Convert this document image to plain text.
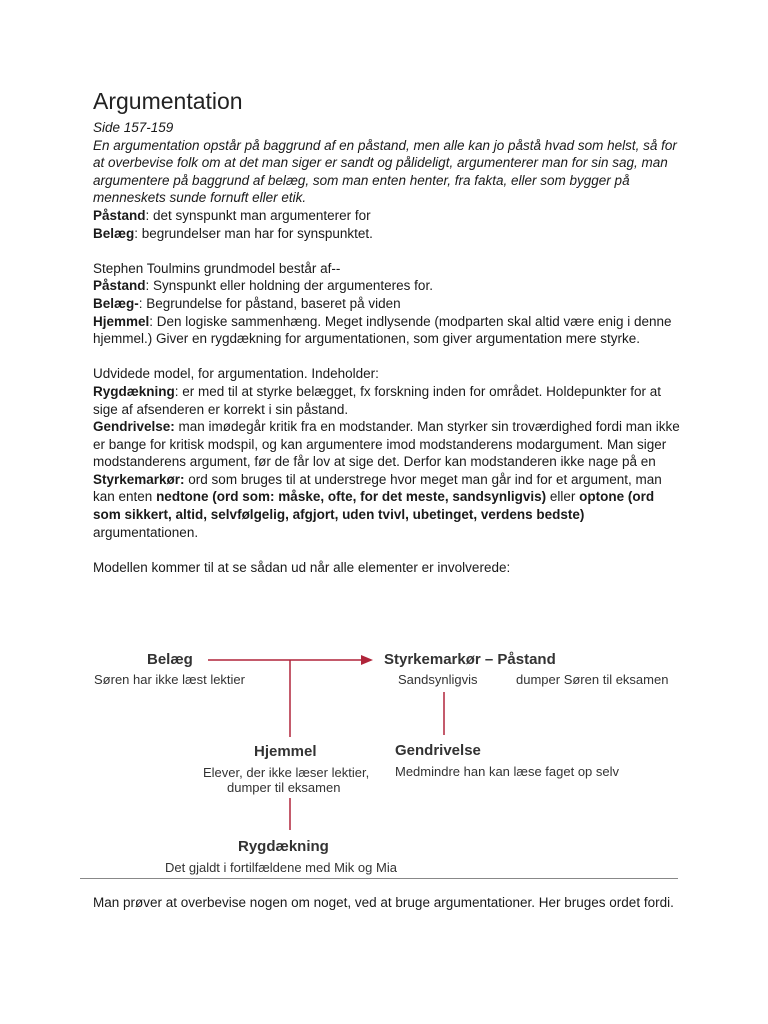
Argumentation

Side 157-159

En argumentation opstår på baggrund af en påstand, men alle kan jo påstå hvad som helst, så for at overbevise folk om at det man siger er sandt og pålideligt, argumenterer man for sin sag, man argumentere på baggrund af belæg, som man enten henter, fra fakta, eller som bygger på menneskets sunde fornuft eller etik.

Påstand: det synspunkt man argumenterer for

Belæg: begrundelser man har for synspunktet.

Stephen Toulmins grundmodel består af--

Påstand: Synspunkt eller holdning der argumenteres for.

Belæg-: Begrundelse for påstand, baseret på viden

Hjemmel: Den logiske sammenhæng. Meget indlysende (modparten skal altid være enig i denne hjemmel.) Giver en rygdækning for argumentationen, som giver argumentation mere styrke.

Udvidede model, for argumentation. Indeholder:

Rygdækning: er med til at styrke belægget, fx forskning inden for området. Holdepunkter for at sige af afsenderen er korrekt i sin påstand.

Gendrivelse: man imødegår kritik fra en modstander. Man styrker sin troværdighed fordi man ikke er bange for kritisk modspil, og kan argumentere imod modstanderens modargument. Man siger modstanderens argument, før de får lov at sige det. Derfor kan modstanderen ikke nage på en

Styrkemarkør: ord som bruges til at understrege hvor meget man går ind for et argument, man kan enten nedtone (ord som: måske, ofte, for det meste, sandsynligvis) eller optone (ord som sikkert, altid, selvfølgelig, afgjort, uden tvivl, ubetinget, verdens bedste) argumentationen.

Modellen kommer til at se sådan ud når alle elementer er involverede:

Belæg
Søren har ikke læst lektier
Styrkemarkør – Påstand
Sandsynligvis	dumper Søren til eksamen
Hjemmel
Elever, der ikke læser lektier,
dumper til eksamen
Gendrivelse
Medmindre han kan læse faget op selv
Rygdækning
Det gjaldt i fortilfældene med Mik og Mia

Man prøver at overbevise nogen om noget, ved at bruge argumentationer. Her bruges ordet fordi.
